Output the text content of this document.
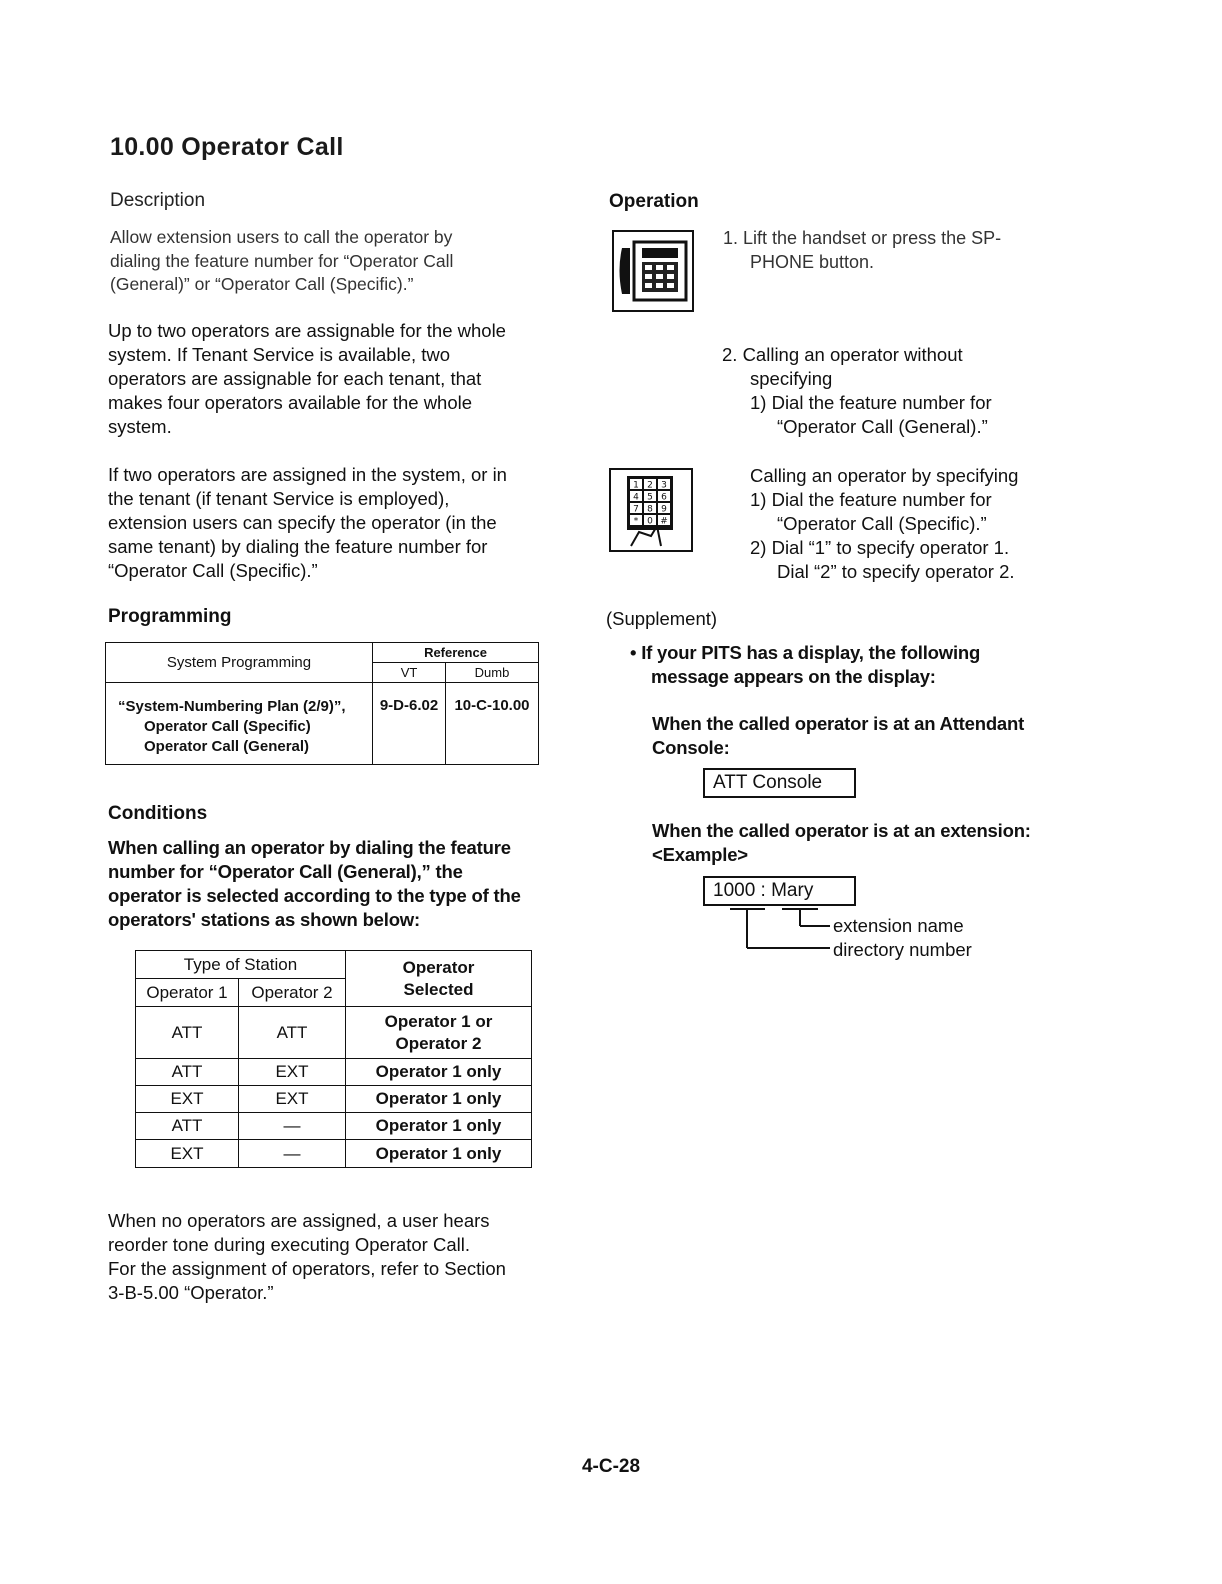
10.00 Operator Call
Description
Allow extension users to call the operator by
dialing the feature number for “Operator Call
(General)” or “Operator Call (Specific).”
Up to two operators are assignable for the whole
system. If Tenant Service is available, two
operators are assignable for each tenant, that
makes four operators available for the whole
system.
If two operators are assigned in the system, or in
the tenant (if tenant Service is employed),
extension users can specify the operator (in the
same tenant) by dialing the feature number for
“Operator Call (Specific).”
Programming
System Programming	Reference	
	VT	Dumb

“System-Numbering Plan (2/9)”,
Operator Call (Specific)
Operator Call (General)	9-D-6.02	10-C-10.00
Conditions
When calling an operator by dialing the feature
number for “Operator Call (General),” the
operator is selected according to the type of the
operators' stations as shown below:
Type of Station		Operator
Selected

Operator 1	Operator 2	
ATT	ATT	Operator 1 or
Operator 2

ATT	EXT	Operator 1 only
EXT	EXT	Operator 1 only
ATT	—	Operator 1 only
EXT	—	Operator 1 only
When no operators are assigned, a user hears
reorder tone during executing Operator Call.
For the assignment of operators, refer to Section
3-B-5.00 “Operator.”
Operation
1. Lift the handset or press the SP-
PHONE button.
2. Calling an operator without
specifying
1) Dial the feature number for
“Operator Call (General).”
1 2 3
4 5 6
7 8 9
* 0 #
Calling an operator by specifying
1) Dial the feature number for
“Operator Call (Specific).”
2) Dial “1” to specify operator 1.
Dial “2” to specify operator 2.
(Supplement)
• If your PITS has a display, the following
message appears on the display:
When the called operator is at an Attendant
Console:
ATT Console
When the called operator is at an extension:
<Example>
1000 : Mary
extension name
directory number
4-C-28
